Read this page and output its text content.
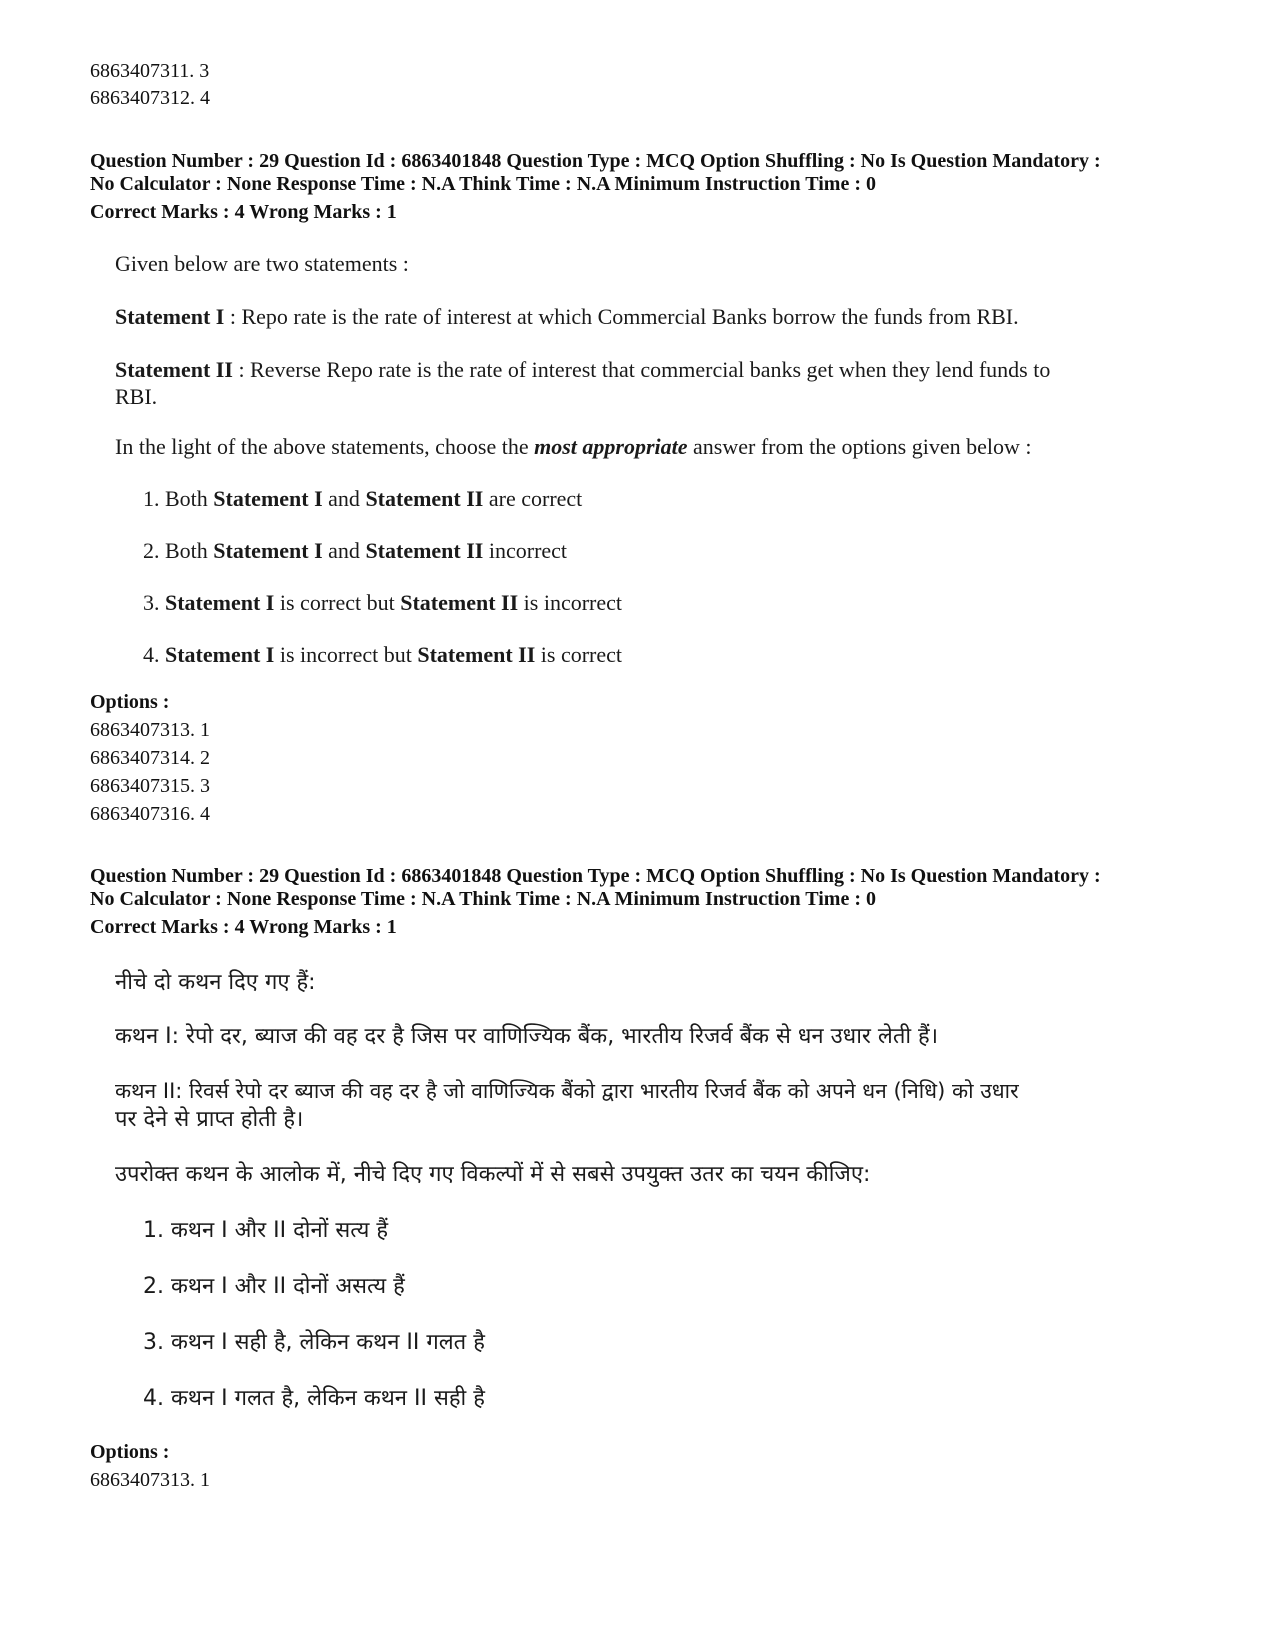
6863407311. 3
6863407312. 4
Question Number : 29 Question Id : 6863401848 Question Type : MCQ Option Shuffling : No Is Question Mandatory :
No Calculator : None Response Time : N.A Think Time : N.A Minimum Instruction Time : 0
Correct Marks : 4 Wrong Marks : 1
Given below are two statements :
Statement I : Repo rate is the rate of interest at which Commercial Banks borrow the funds from RBI.
Statement II : Reverse Repo rate is the rate of interest that commercial banks get when they lend funds to
RBI.
In the light of the above statements, choose the most appropriate answer from the options given below :
1. Both Statement I and Statement II are correct
2. Both Statement I and Statement II incorrect
3. Statement I is correct but Statement II is incorrect
4. Statement I is incorrect but Statement II is correct
Options :
6863407313. 1
6863407314. 2
6863407315. 3
6863407316. 4
Question Number : 29 Question Id : 6863401848 Question Type : MCQ Option Shuffling : No Is Question Mandatory :
No Calculator : None Response Time : N.A Think Time : N.A Minimum Instruction Time : 0
Correct Marks : 4 Wrong Marks : 1
नीचे दो कथन दिए गए हैं:
कथन I: रेपो दर, ब्याज की वह दर है जिस पर वाणिज्यिक बैंक, भारतीय रिजर्व बैंक से धन उधार लेती हैं।
कथन II: रिवर्स रेपो दर ब्याज की वह दर है जो वाणिज्यिक बैंको द्वारा भारतीय रिजर्व बैंक को अपने धन (निधि) को उधार
पर देने से प्राप्त होती है।
उपरोक्त कथन के आलोक में, नीचे दिए गए विकल्पों में से सबसे उपयुक्त उतर का चयन कीजिए:
1. कथन I और II दोनों सत्य हैं
2. कथन I और II दोनों असत्य हैं
3. कथन I सही है, लेकिन कथन II गलत है
4. कथन I गलत है, लेकिन कथन II सही है
Options :
6863407313. 1
